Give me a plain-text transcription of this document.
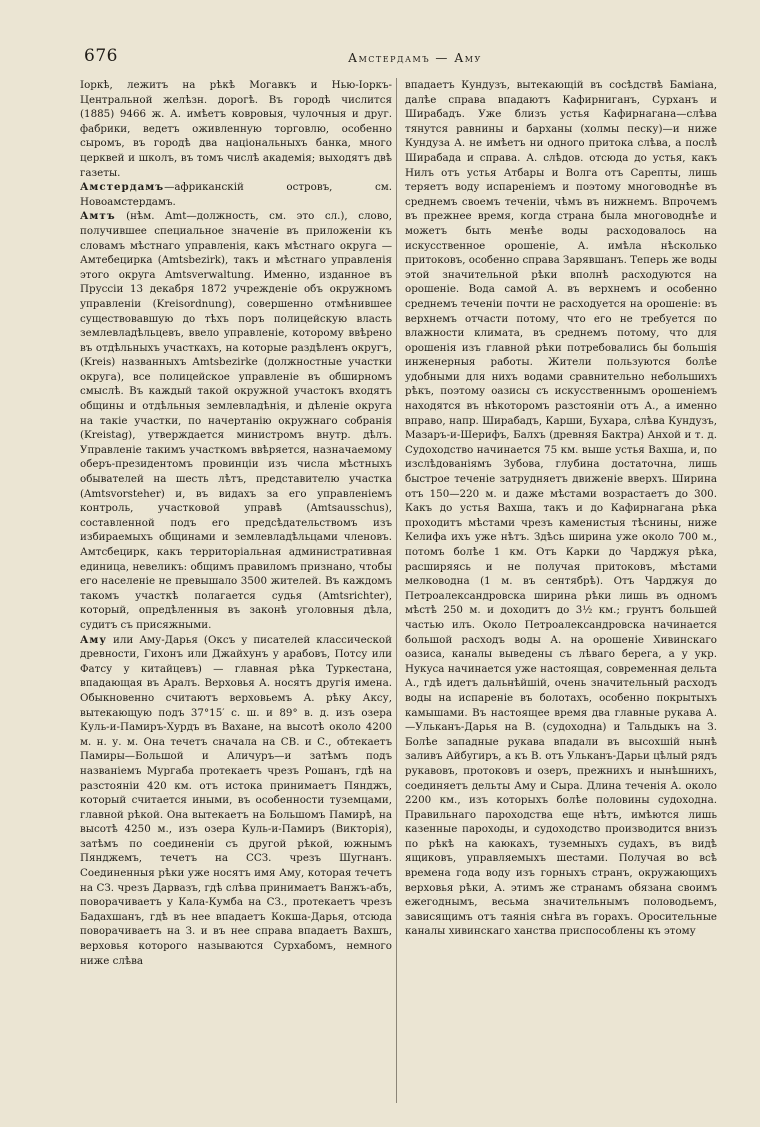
676	Амстердамъ — Аму

Іоркѣ, лежитъ на рѣкѣ Могавкъ и Нью-Іоркъ-Центральной желѣзн. дорогѣ. Въ городѣ числится (1885) 9466 ж. А. имѣетъ ковровыя, чулочныя и друг. фабрики, ведетъ оживленную торговлю, особенно сыромъ, въ городѣ два національныхъ банка, много церквей и школъ, въ томъ числѣ академія; выходятъ двѣ газеты.

Амстердамъ—африканскій островъ, см. Новоамстердамъ.

Амтъ (нѣм. Amt—должность, см. это сл.), слово, получившее специальное значеніе въ приложеніи къ словамъ мѣстнаго управленія, какъ мѣстнаго округа — Амтебецирка (Amtsbezirk), такъ и мѣстнаго управленія этого округа Amtsverwaltung. Именно, изданное въ Пруссіи 13 декабря 1872 учрежденіе объ окружномъ управленіи (Kreisordnung), совершенно отмѣнившее существовавшую до тѣхъ поръ полицейскую власть землевладѣльцевъ, ввело управленіе, которому ввѣрено въ отдѣльныхъ участкахъ, на которые раздѣленъ округъ, (Kreis) названныхъ Amtsbezirke (должностные участки округа), все полицейское управленіе въ обширномъ смыслѣ. Въ каждый такой окружной участокъ входятъ общины и отдѣльныя землевладѣнія, и дѣленіе округа на такіе участки, по начертанію окружнаго собранія (Kreistag), утверждается министромъ внутр. дѣлъ. Управленіе такимъ участкомъ ввѣряется, назначаемому оберъ-президентомъ провинціи изъ числа мѣстныхъ обывателей на шесть лѣтъ, представителю участка (Amtsvorsteher) и, въ видахъ за его управленіемъ контроль, участковой управѣ (Amtsausschus), составленной подъ его предсѣдательствомъ изъ избираемыхъ общинами и землевладѣльцами членовъ. Амтсбецирк, какъ территоріальная административная единица, невеликъ: общимъ правиломъ признано, чтобы его населеніе не превышало 3500 жителей. Въ каждомъ такомъ участкѣ полагается судья (Amtsrichter), который, опредѣленныя въ законѣ уголовныя дѣла, судитъ съ присяжными.

Аму или Аму-Дарья (Оксъ у писателей классической древности, Гихонъ или Джайхунъ у арабовъ, Потсу или Фатсу у китайцевъ) — главная рѣка Туркестана, впадающая въ Аралъ. Верховья А. носятъ другія имена. Обыкновенно считаютъ верховьемъ А. рѣку Аксу, вытекающую подъ 37°15′ с. ш. и 89° в. д. изъ озера Куль-и-Памиръ-Хурдъ въ Вахане, на высотѣ около 4200 м. н. у. м. Она течетъ сначала на СВ. и С., обтекаетъ Памиры—Большой и Аличуръ—и затѣмъ подъ названіемъ Мургаба протекаетъ чрезъ Рошанъ, гдѣ на разстояніи 420 км. отъ истока принимаетъ Пянджъ, который считается иными, въ особенности туземцами, главной рѣкой. Она вытекаетъ на Большомъ Памирѣ, на высотѣ 4250 м., изъ озера Куль-и-Памиръ (Викторія), затѣмъ по соединеніи съ другой рѣкой, южнымъ Пянджемъ, течетъ на ССЗ. чрезъ Шугнанъ. Соединенныя рѣки уже носятъ имя Аму, которая течетъ на СЗ. чрезъ Дарвазъ, гдѣ слѣва принимаетъ Ванжъ-абъ, поворачиваетъ у Кала-Кумба на СЗ., протекаетъ чрезъ Бадахшанъ, гдѣ въ нее впадаетъ Кокша-Дарья, отсюда поворачиваетъ на З. и въ нее справа впадаетъ Вахшъ, верховья которого называются Сурхабомъ, немного ниже слѣва

впадаетъ Кундузъ, вытекающій въ сосѣдствѣ Бамiана, далѣе справа впадаютъ Кафирниганъ, Сурханъ и Ширабадъ. Уже близъ устья Кафирнагана—слѣва тянутся равнины и барханы (холмы песку)—и ниже Кундуза А. не имѣетъ ни одного притока слѣва, а послѣ Ширабада и справа. А. слѣдов. отсюда до устья, какъ Нилъ отъ устья Атбары и Волга отъ Сарепты, лишь теряетъ воду испареніемъ и поэтому многоводнѣе въ среднемъ своемъ теченіи, чѣмъ въ нижнемъ. Впрочемъ въ прежнее время, когда страна была многоводнѣе и можетъ быть менѣе воды расходовалось на искусственное орошеніе, А. имѣла нѣсколько притоковъ, особенно справа Зарявшанъ. Теперь же воды этой значительной рѣки вполнѣ расходуются на орошеніе. Вода самой А. въ верхнемъ и особенно среднемъ теченіи почти не расходуется на орошеніе: въ верхнемъ отчасти потому, что его не требуется по влажности климата, въ среднемъ потому, что для орошенія изъ главной рѣки потребовались бы большія инженерныя работы. Жители пользуются болѣе удобными для нихъ водами сравнительно небольшихъ рѣкъ, поэтому оазисы съ искусственнымъ орошеніемъ находятся въ нѣкоторомъ разстояніи отъ А., а именно вправо, напр. Ширабадъ, Карши, Бухара, слѣва Кундузъ, Мазаръ-и-Шерифъ, Балхъ (древняя Бактра) Анхой и т. д. Судоходство начинается 75 км. выше устья Вахша, и, по изслѣдованіямъ Зубова, глубина достаточна, лишь быстрое теченіе затрудняетъ движеніе вверхъ. Ширина отъ 150—220 м. и даже мѣстами возрастаетъ до 300. Какъ до устья Вахша, такъ и до Кафирнагана рѣка проходитъ мѣстами чрезъ каменистыя тѣснины, ниже Келифа ихъ уже нѣтъ. Здѣсь ширина уже около 700 м., потомъ болѣе 1 км. Отъ Карки до Чарджуя рѣка, расширяясь и не получая притоковъ, мѣстами мелководна (1 м. въ сентябрѣ). Отъ Чарджуя до Петроалександровска ширина рѣки лишь въ одномъ мѣстѣ 250 м. и доходитъ до 3½ км.; грунтъ большей частью илъ. Около Петроалександровска начинается большой расходъ воды А. на орошеніе Хивинскаго оазиса, каналы выведены съ лѣваго берега, а у укр. Нукуса начинается уже настоящая, современная дельта А., гдѣ идетъ дальнѣйшій, очень значительный расходъ воды на испареніе въ болотахъ, особенно покрытыхъ камышами. Въ настоящее время два главные рукава А.—Ульканъ-Дарья на В. (судоходна) и Тальдыкъ на З. Болѣе западные рукава впадали въ высохшій нынѣ заливъ Айбугиръ, а къ В. отъ Ульканъ-Дарьи цѣлый рядъ рукавовъ, протоковъ и озеръ, прежнихъ и нынѣшнихъ, соединяетъ дельты Аму и Сыра. Длина теченія А. около 2200 км., изъ которыхъ болѣе половины судоходна. Правильнаго пароходства еще нѣтъ, имѣются лишь казенные пароходы, и судоходство производится внизъ по рѣкѣ на каюкахъ, туземныхъ судахъ, въ видѣ ящиковъ, управляемыхъ шестами. Получая во всѣ времена года воду изъ горныхъ странъ, окружающихъ верховья рѣки, А. этимъ же странамъ обязана своимъ ежегоднымъ, весьма значительнымъ половодьемъ, зависящимъ отъ таянія снѣга въ горахъ. Оросительные каналы хивинскаго ханства приспособлены къ этому
